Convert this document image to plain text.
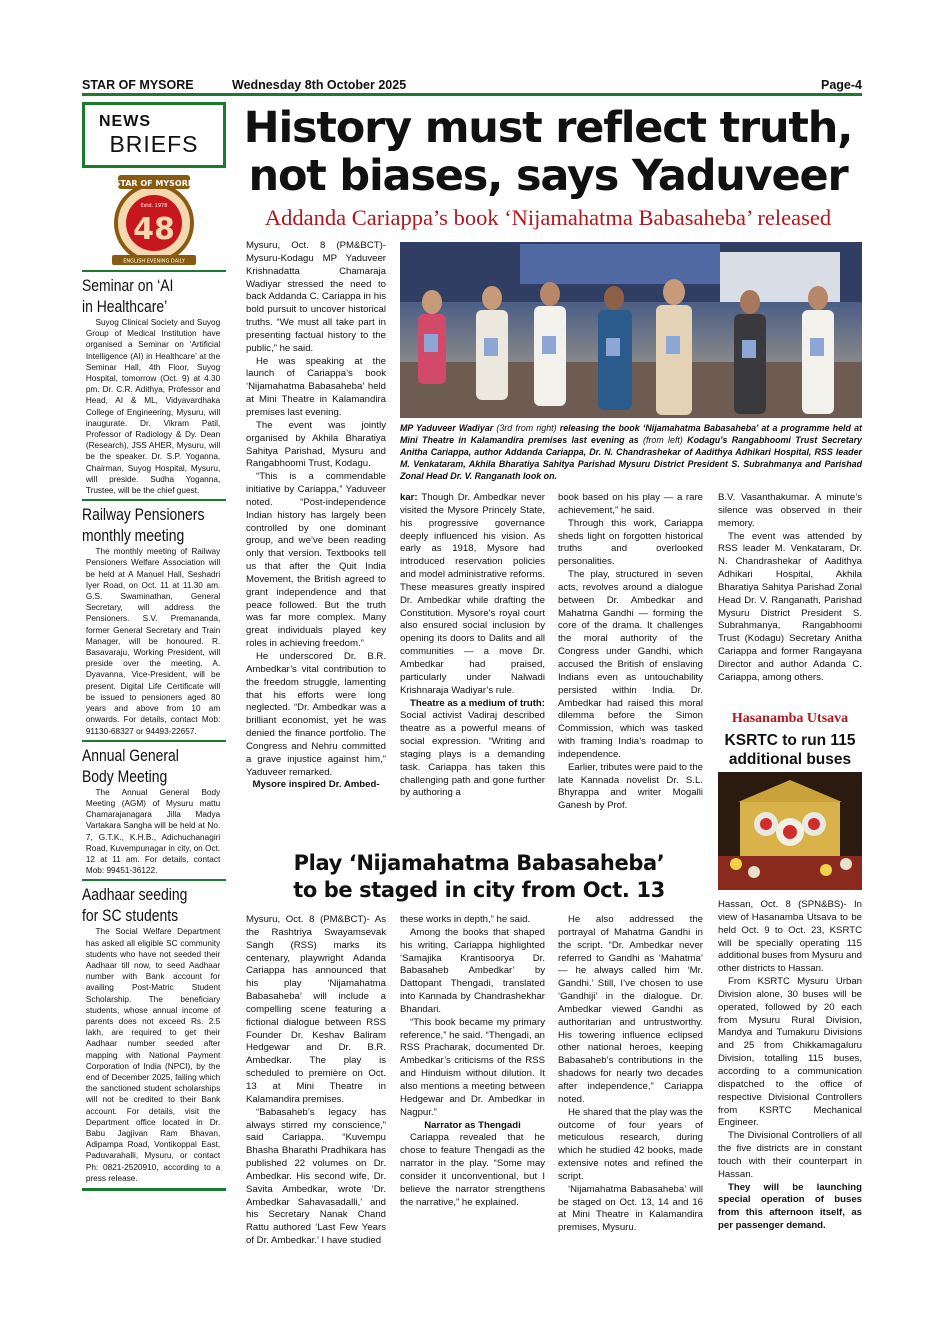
STAR OF MYSORE	Wednesday 8th October 2025	Page-4
NEWS
BRIEFS
STAR OF MYSORE
Estd. 1978
48
ENGLISH EVENING DAILY
Seminar on ‘AI
in Healthcare’
Suyog Clinical Society and Suyog Group of Medical Institution have organised a Seminar on ‘Artificial Intelligence (AI) in Healthcare’ at the Seminar Hall, 4th Floor, Suyog Hospital, tomorrow (Oct. 9) at 4.30 pm. Dr. C.R. Adithya, Professor and Head, AI & ML, Vidyavardhaka College of Engineering, Mysuru, will inaugurate. Dr. Vikram Patil, Professor of Radiology & Dy. Dean (Research), JSS AHER, Mysuru, will be the speaker. Dr. S.P. Yoganna, Chairman, Suyog Hospital, Mysuru, will preside. Sudha Yoganna, Trustee, will be the chief guest.
Railway Pensioners
monthly meeting
The monthly meeting of Railway Pensioners Welfare Association will be held at A Manuel Hall, Seshadri Iyer Road, on Oct. 11 at 11.30 am. G.S. Swaminathan, General Secretary, will address the Pensioners. S.V. Premananda, former General Secretary and Train Manager, will be honoured. R. Basavaraju, Working President, will preside over the meeting. A. Dyavanna, Vice-President, will be present. Digital Life Certificate will be issued to pensioners aged 80 years and above from 10 am onwards. For details, contact Mob: 91130-68327 or 94493-22657.
Annual General
Body Meeting
The Annual General Body Meeting (AGM) of Mysuru mattu Chamarajanagara Jilla Madya Vartakara Sangha will be held at No. 7, G.T.K., K.H.B., Adichuchanagiri Road, Kuvempunagar in city, on Oct. 12 at 11 am. For details, contact Mob: 99451-36122.
Aadhaar seeding
for SC students
The Social Welfare Department has asked all eligible SC community students who have not seeded their Aadhaar till now, to seed Aadhaar number with Bank account for availing Post-Matric Student Scholarship. The beneficiary students, whose annual income of parents does not exceed Rs. 2.5 lakh, are required to get their Aadhaar number seeded after mapping with National Payment Corporation of India (NPCI), by the end of December 2025, failing which the sanctioned student scholarships will not be credited to their Bank account. For details, visit the Department office located in Dr. Babu Jagjivan Ram Bhavan, Adipampa Road, Vontikoppal East, Paduvarahalli, Mysuru, or contact Ph: 0821-2520910, according to a press release.
History must reflect truth,
not biases, says Yaduveer
Addanda Cariappa’s book ‘Nijamahatma Babasaheba’ released

Mysuru, Oct. 8 (PM&BCT)- Mysuru-Kodagu MP Yaduveer Krishnadatta Chamaraja Wadiyar stressed the need to back Addanda C. Cariappa in his bold pursuit to uncover historical truths. “We must all take part in presenting factual history to the public,” he said.

He was speaking at the launch of Cariappa’s book ‘Nijamahatma Babasaheba’ held at Mini Theatre in Kalamandira premises last evening.

The event was jointly organised by Akhila Bharatiya Sahitya Parishad, Mysuru and Rangabhoomi Trust, Kodagu.

“This is a commendable initiative by Cariappa,” Yaduveer noted. “Post-independence Indian history has largely been controlled by one dominant group, and we’ve been reading only that version. Textbooks tell us that after the Quit India Movement, the British agreed to grant independence and that peace followed. But the truth was far more complex. Many great individuals played key roles in achieving freedom.”

He underscored Dr. B.R. Ambedkar’s vital contribution to the freedom struggle, lamenting that his efforts were long neglected. “Dr. Ambedkar was a brilliant economist, yet he was denied the finance portfolio. The Congress and Nehru committed a grave injustice against him,” Yaduveer remarked.

Mysore inspired Dr. Ambed-

MP Yaduveer Wadiyar (3rd from right) releasing the book ‘Nijamahatma Babasaheba’ at a programme held at Mini Theatre in Kalamandira premises last evening as (from left) Kodagu’s Rangabhoomi Trust Secretary Anitha Cariappa, author Addanda Cariappa, Dr. N. Chandrashekar of Aadithya Adhikari Hospital, RSS leader M. Venkataram, Akhila Bharatiya Sahitya Parishad Mysuru District President S. Subrahmanya and Parishad Zonal Head Dr. V. Ranganath look on.

kar: Though Dr. Ambedkar never visited the Mysore Princely State, his progressive governance deeply influenced his vision. As early as 1918, Mysore had introduced reservation policies and model administrative reforms. These measures greatly inspired Dr. Ambedkar while drafting the Constitution. Mysore’s royal court also ensured social inclusion by opening its doors to Dalits and all communities — a move Dr. Ambedkar had praised, particularly under Nalwadi Krishnaraja Wadiyar’s rule.

Theatre as a medium of truth: Social activist Vadiraj described theatre as a powerful means of social expression. “Writing and staging plays is a demanding task. Cariappa has taken this challenging path and gone further by authoring a

book based on his play — a rare achievement,” he said.

Through this work, Cariappa sheds light on forgotten historical truths and overlooked personalities.

The play, structured in seven acts, revolves around a dialogue between Dr. Ambedkar and Mahatma Gandhi — forming the core of the drama. It challenges the moral authority of the Congress under Gandhi, which accused the British of enslaving Indians even as untouchability persisted within India. Dr. Ambedkar had raised this moral dilemma before the Simon Commission, which was tasked with framing India’s roadmap to independence.

Earlier, tributes were paid to the late Kannada novelist Dr. S.L. Bhyrappa and writer Mogalli Ganesh by Prof.

B.V. Vasanthakumar. A minute’s silence was observed in their memory.

The event was attended by RSS leader M. Venkataram, Dr. N. Chandrashekar of Aadithya Adhikari Hospital, Akhila Bharatiya Sahitya Parishad Zonal Head Dr. V. Ranganath, Parishad Mysuru District President S. Subrahmanya, Rangabhoomi Trust (Kodagu) Secretary Anitha Cariappa and former Rangayana Director and author Adanda C. Cariappa, among others.

Hasanamba Utsava
KSRTC to run 115
additional buses

Hassan, Oct. 8 (SPN&BS)- In view of Hasanamba Utsava to be held Oct. 9 to Oct. 23, KSRTC will be specially operating 115 additional buses from Mysuru and other districts to Hassan.

From KSRTC Mysuru Urban Division alone, 30 buses will be operated, followed by 20 each from Mysuru Rural Division, Mandya and Tumakuru Divisions and 25 from Chikkamagaluru Division, totalling 115 buses, according to a communication dispatched to the office of respective Divisional Controllers from KSRTC Mechanical Engineer.

The Divisional Controllers of all the five districts are in constant touch with their counterpart in Hassan.

They will be launching special operation of buses from this afternoon itself, as per passenger demand.

Play ‘Nijamahatma Babasaheba’
to be staged in city from Oct. 13

Mysuru, Oct. 8 (PM&BCT)- As the Rashtriya Swayamsevak Sangh (RSS) marks its centenary, playwright Adanda Cariappa has announced that his play ‘Nijamahatma Babasaheba’ will include a compelling scene featuring a fictional dialogue between RSS Founder Dr. Keshav Baliram Hedgewar and Dr. B.R. Ambedkar. The play is scheduled to première on Oct. 13 at Mini Theatre in Kalamandira premises.

“Babasaheb’s legacy has always stirred my conscience,” said Cariappa. “Kuvempu Bhasha Bharathi Pradhikara has published 22 volumes on Dr. Ambedkar. His second wife, Dr. Savita Ambedkar, wrote ‘Dr. Ambedkar Sahavasadalli,’ and his Secretary Nanak Chand Rattu authored ‘Last Few Years of Dr. Ambedkar.’ I have studied

these works in depth,” he said.

Among the books that shaped his writing, Cariappa highlighted ‘Samajika Krantisoorya Dr. Babasaheb Ambedkar’ by Dattopant Thengadi, translated into Kannada by Chandrashekhar Bhandari.

“This book became my primary reference,” he said. “Thengadi, an RSS Pracharak, documented Dr. Ambedkar’s criticisms of the RSS and Hinduism without dilution. It also mentions a meeting between Hedgewar and Dr. Ambedkar in Nagpur.”

Narrator as Thengadi

Cariappa revealed that he chose to feature Thengadi as the narrator in the play. “Some may consider it unconventional, but I believe the narrator strengthens the narrative,” he explained.

He also addressed the portrayal of Mahatma Gandhi in the script. “Dr. Ambedkar never referred to Gandhi as ‘Mahatma’ — he always called him ‘Mr. Gandhi.’ Still, I’ve chosen to use ‘Gandhiji’ in the dialogue. Dr. Ambedkar viewed Gandhi as authoritarian and untrustworthy. His towering influence eclipsed other national heroes, keeping Babasaheb’s contributions in the shadows for nearly two decades after independence,” Cariappa noted.

He shared that the play was the outcome of four years of meticulous research, during which he studied 42 books, made extensive notes and refined the script.

‘Nijamahatma Babasaheba’ will be staged on Oct. 13, 14 and 16 at Mini Theatre in Kalamandira premises, Mysuru.
